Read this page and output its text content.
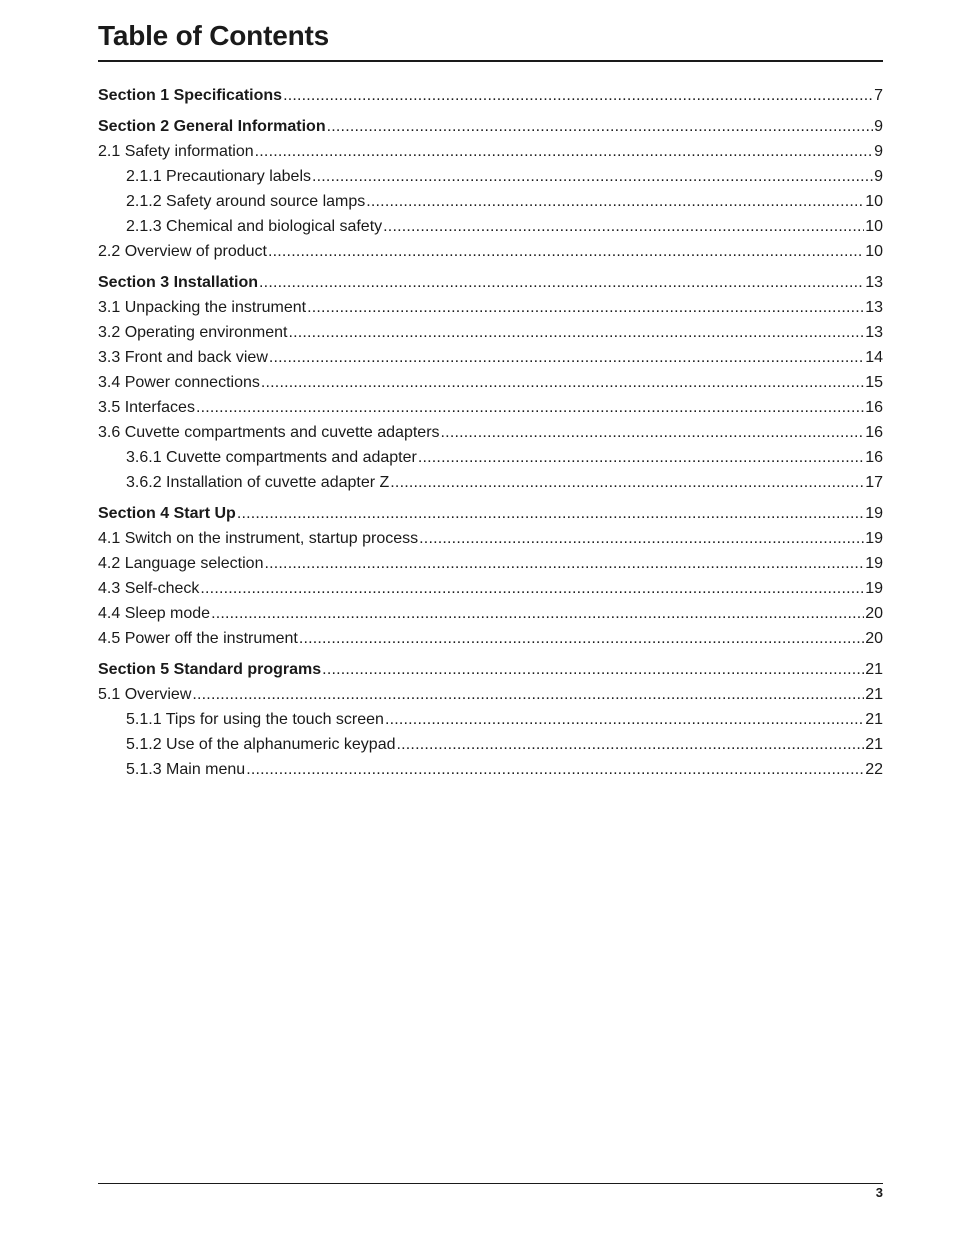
Table of Contents
Section 1 Specifications .....	7
Section 2 General Information .....	9
2.1 Safety information .....	9
2.1.1 Precautionary labels .....	9
2.1.2 Safety around source lamps .....	10
2.1.3 Chemical and biological safety .....	10
2.2 Overview of product .....	10
Section 3 Installation .....	13
3.1 Unpacking the instrument .....	13
3.2 Operating environment .....	13
3.3 Front and back view .....	14
3.4 Power connections .....	15
3.5 Interfaces .....	16
3.6 Cuvette compartments and cuvette adapters .....	16
3.6.1 Cuvette compartments and adapter .....	16
3.6.2 Installation of cuvette adapter Z .....	17
Section 4 Start Up .....	19
4.1 Switch on the instrument, startup process .....	19
4.2 Language selection .....	19
4.3 Self-check .....	19
4.4 Sleep mode .....	20
4.5 Power off the instrument .....	20
Section 5 Standard programs .....	21
5.1 Overview .....	21
5.1.1 Tips for using the touch screen .....	21
5.1.2 Use of the alphanumeric keypad .....	21
5.1.3 Main menu .....	22
3
